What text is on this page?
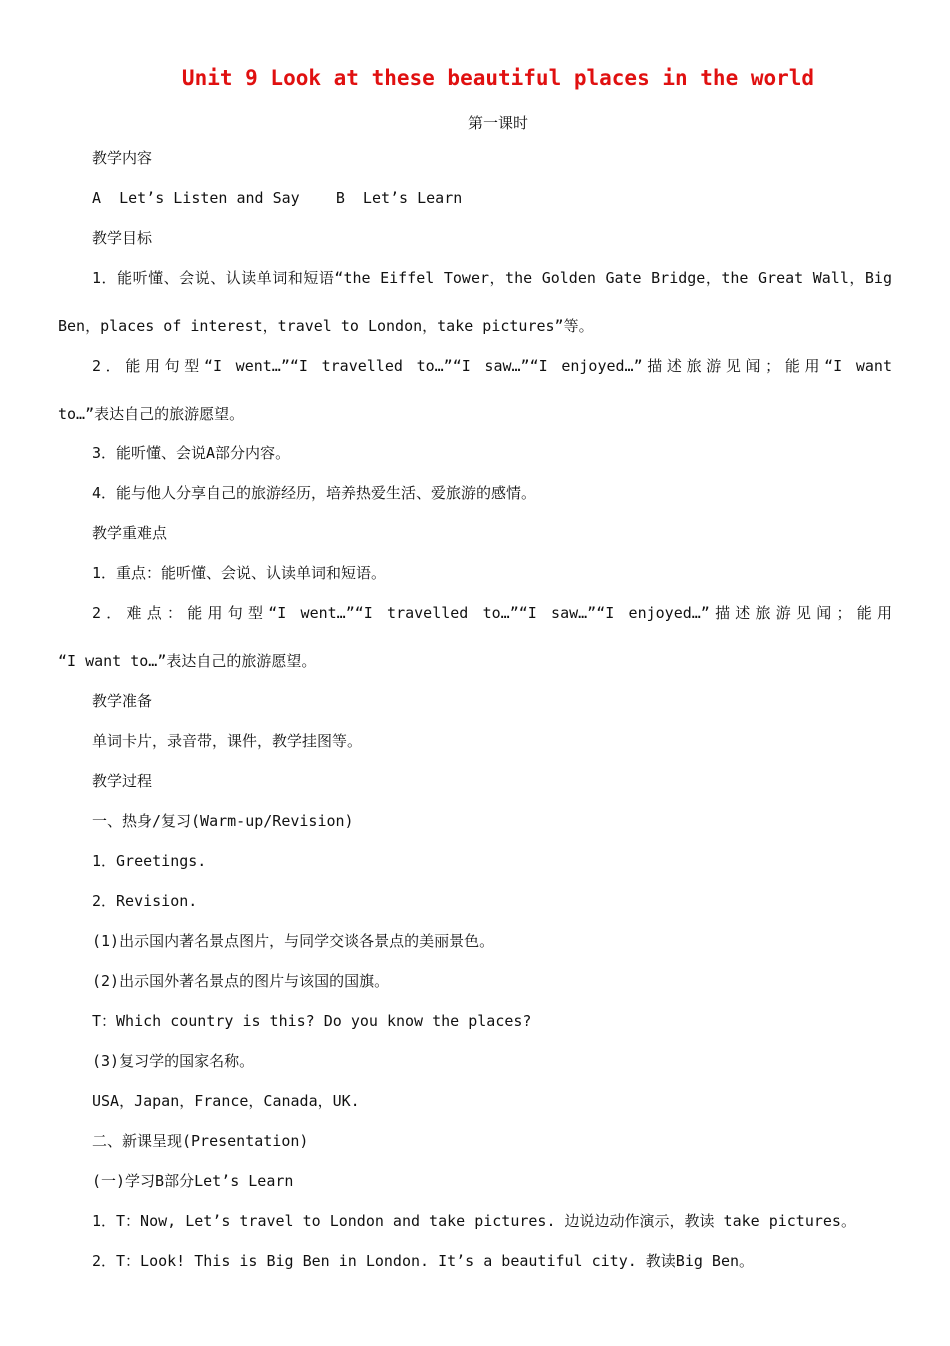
Unit 9 Look at these beautiful places in the world
第一课时
教学内容
A  Let’s Listen and Say    B  Let’s Learn
教学目标
1．能听懂、会说、认读单词和短语“the Eiffel Tower，the Golden Gate Bridge，the Great Wall，Big
Ben，places of interest，travel to London，take pictures”等。
2．能用句型“I went…”“I travelled to…”“I saw…”“I enjoyed…”描述旅游见闻；能用“I want
to…”表达自己的旅游愿望。
3．能听懂、会说A部分内容。
4．能与他人分享自己的旅游经历，培养热爱生活、爱旅游的感情。
教学重难点
1．重点：能听懂、会说、认读单词和短语。
2．难点：能用句型“I went…”“I travelled to…”“I saw…”“I enjoyed…”描述旅游见闻；能用
“I want to…”表达自己的旅游愿望。
教学准备
单词卡片，录音带，课件，教学挂图等。
教学过程
一、热身/复习(Warm-up/Revision)
1．Greetings.
2．Revision.
(1)出示国内著名景点图片，与同学交谈各景点的美丽景色。
(2)出示国外著名景点的图片与该国的国旗。
T：Which country is this? Do you know the places?
(3)复习学的国家名称。
USA，Japan，France，Canada，UK.
二、新课呈现(Presentation)
(一)学习B部分Let’s Learn
1．T：Now, Let’s travel to London and take pictures. 边说边动作演示，教读 take pictures。
2．T：Look! This is Big Ben in London. It’s a beautiful city. 教读Big Ben。
